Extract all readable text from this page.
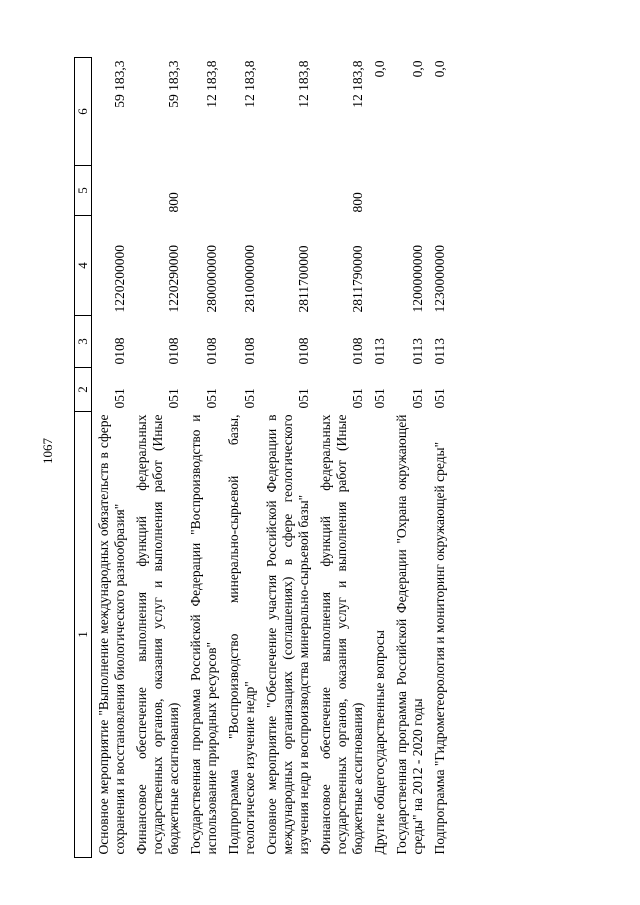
1067
1	2	3	4	5	6
Основное мероприятие "Выполнение международных обязательств в сфере сохранения и восстановления биологического разнообразия"	051	0108	1220200000		59 183,3
Финансовое обеспечение выполнения функций федеральных государственных органов, оказания услуг и выполнения работ (Иные бюджетные ассигнования)	051	0108	1220290000	800	59 183,3
Государственная программа Российской Федерации "Воспроизводство и использование природных ресурсов"	051	0108	2800000000		12 183,8
Подпрограмма "Воспроизводство минерально-сырьевой базы, геологическое изучение недр"	051	0108	2810000000		12 183,8
Основное мероприятие "Обеспечение участия Российской Федерации в международных организациях (соглашениях) в сфере геологического изучения недр и воспроизводства минерально-сырьевой базы"	051	0108	2811700000		12 183,8
Финансовое обеспечение выполнения функций федеральных государственных органов, оказания услуг и выполнения работ (Иные бюджетные ассигнования)	051	0108	2811790000	800	12 183,8
Другие общегосударственные вопросы	051	0113			0,0
Государственная программа Российской Федерации "Охрана окружающей среды" на 2012 - 2020 годы	051	0113	1200000000		0,0
Подпрограмма "Гидрометеорология и мониторинг окружающей среды"	051	0113	1230000000		0,0
